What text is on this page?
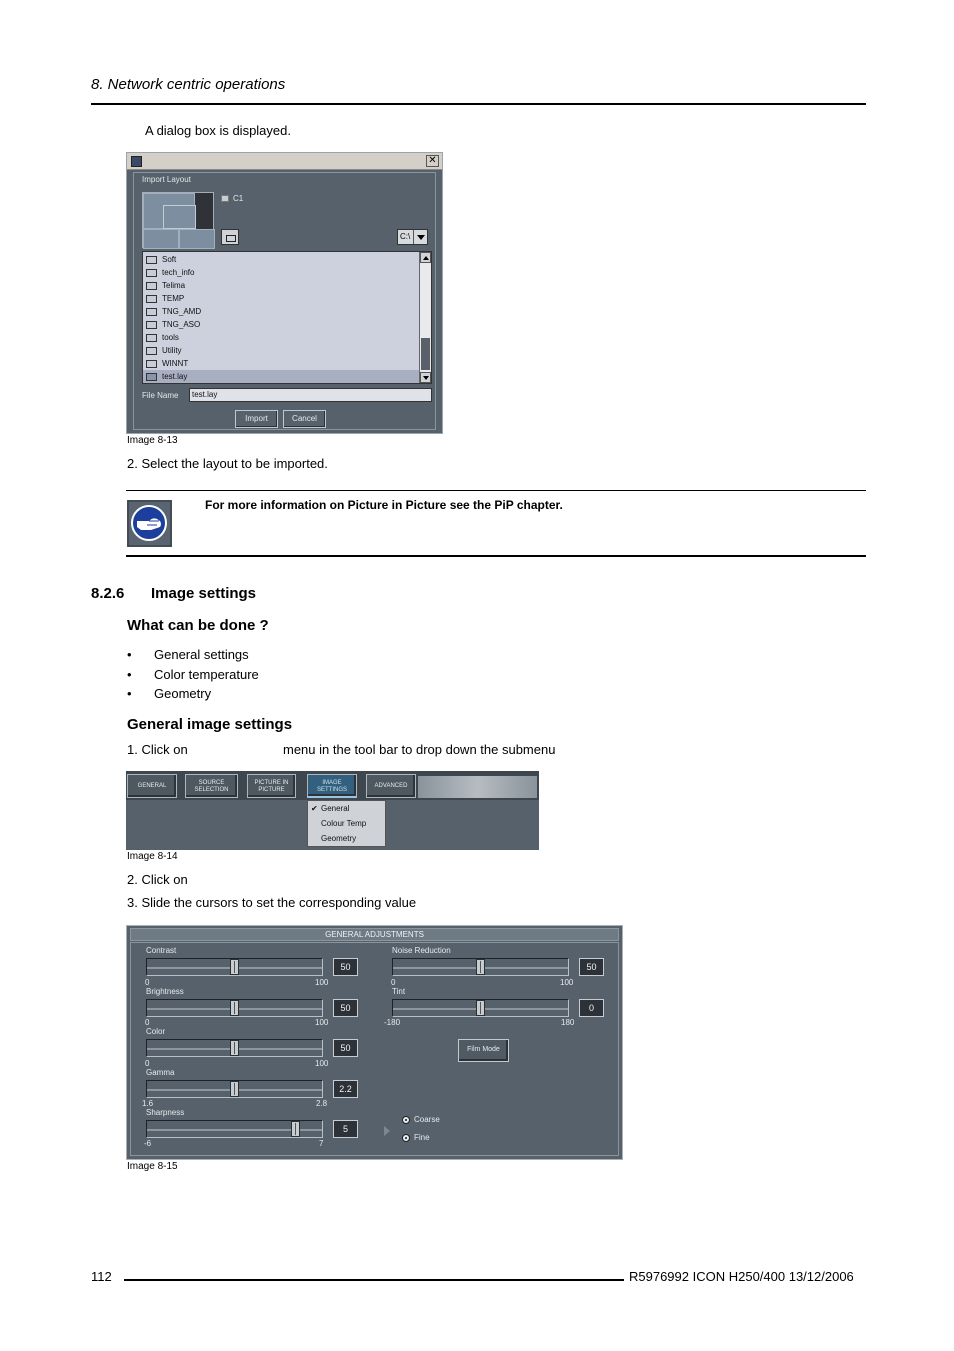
8. Network centric operations
A dialog box is displayed.
✕
Import Layout
C1
C:\
Soft
tech_info
Telima
TEMP
TNG_AMD
TNG_ASO
tools
Utility
WINNT
test.lay
File Name	test.lay
Import	Cancel
Image 8-13
2. Select the layout to be imported.
For more information on Picture in Picture see the PiP chapter.
8.2.6 Image settings
What can be done ?
• General settings
• Color temperature
• Geometry
General image settings
1. Click on	menu in the tool bar to drop down the submenu
GENERAL	SOURCE
SELECTION
PICTURE IN
PICTURE
IMAGE
SETTINGS
ADVANCED
✔ General
Colour Temp
Geometry
Image 8-14
2. Click on
3. Slide the cursors to set the corresponding value
GENERAL ADJUSTMENTS
Contrast
0	100
50
Brightness
0	100
50
Color
0	100
50
Gamma
1.6	2.8
2.2
Sharpness
-6	7
5
Noise Reduction
0	100
50
Tint
-180	180
0
Film Mode
Coarse
Fine
Image 8-15
112	R5976992 ICON H250/400 13/12/2006
